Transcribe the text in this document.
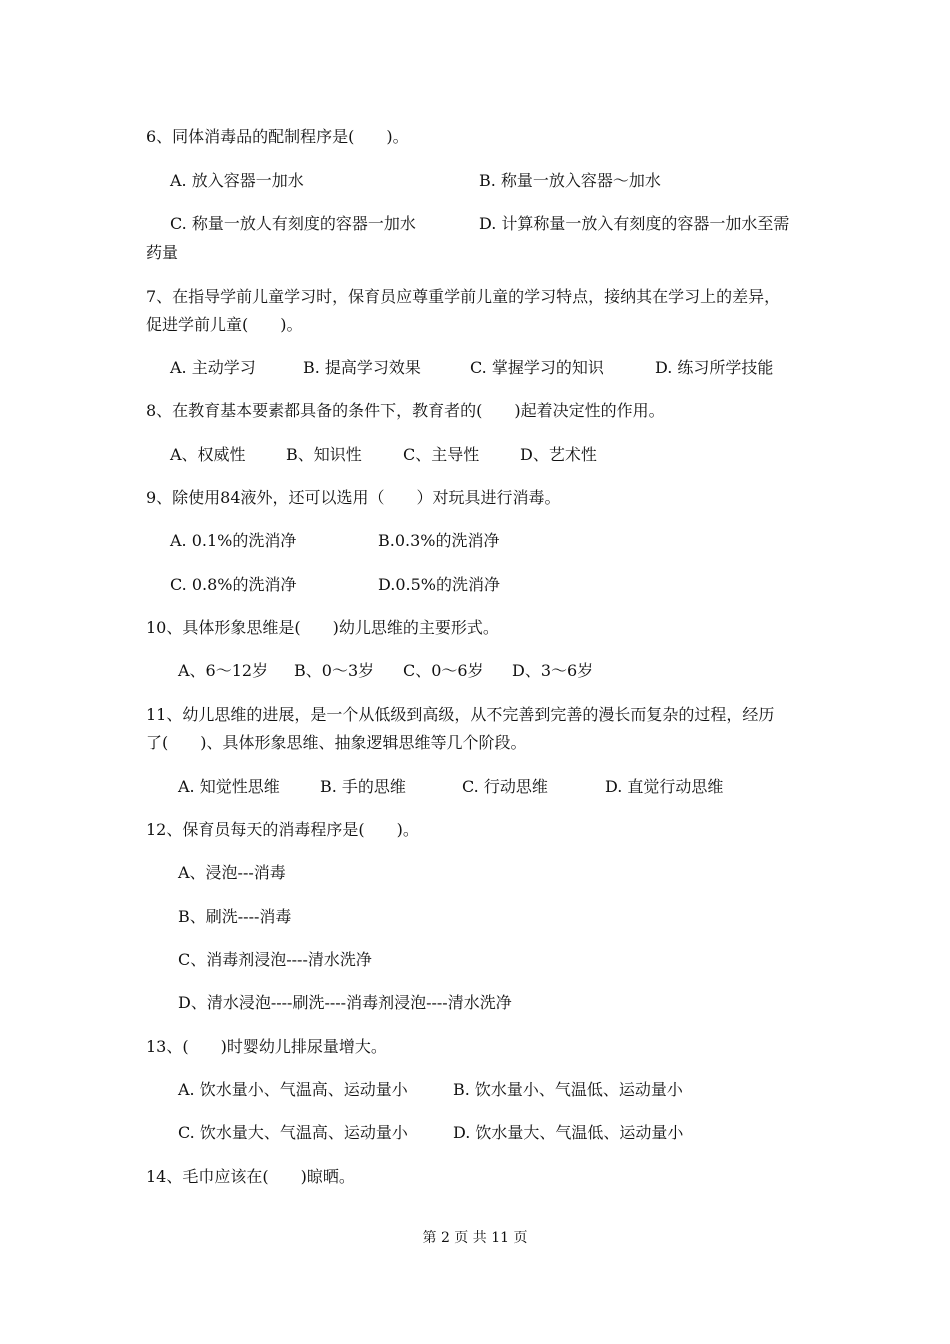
6、同体消毒品的配制程序是(　　)。
A. 放入容器一加水	B. 称量一放入容器～加水
C. 称量一放人有刻度的容器一加水	D. 计算称量一放入有刻度的容器一加水至需
药量
7、在指导学前儿童学习时，保育员应尊重学前儿童的学习特点，接纳其在学习上的差异，
促进学前儿童(　　)。
A. 主动学习	B. 提高学习效果	C. 掌握学习的知识	D. 练习所学技能
8、在教育基本要素都具备的条件下，教育者的(　　)起着决定性的作用。
A、权威性	B、知识性	C、主导性	D、艺术性
9、除使用84液外，还可以选用（　　）对玩具进行消毒。
A. 0.1%的洗消净	B.0.3%的洗消净
C. 0.8%的洗消净	D.0.5%的洗消净
10、具体形象思维是(　　)幼儿思维的主要形式。
A、6～12岁 B、0～3岁 C、0～6岁 D、3～6岁
11、幼儿思维的进展，是一个从低级到高级，从不完善到完善的漫长而复杂的过程，经历
了(　　)、具体形象思维、抽象逻辑思维等几个阶段。
A. 知觉性思维	B. 手的思维	C. 行动思维	D. 直觉行动思维
12、保育员每天的消毒程序是(　　)。
A、浸泡---消毒
B、刷洗----消毒
C、消毒剂浸泡----清水洗净
D、清水浸泡----刷洗----消毒剂浸泡----清水洗净
13、(　　)时婴幼儿排尿量增大。
A. 饮水量小、气温高、运动量小	B. 饮水量小、气温低、运动量小
C. 饮水量大、气温高、运动量小	D. 饮水量大、气温低、运动量小
14、毛巾应该在(　　)晾晒。
第 2 页 共 11 页
